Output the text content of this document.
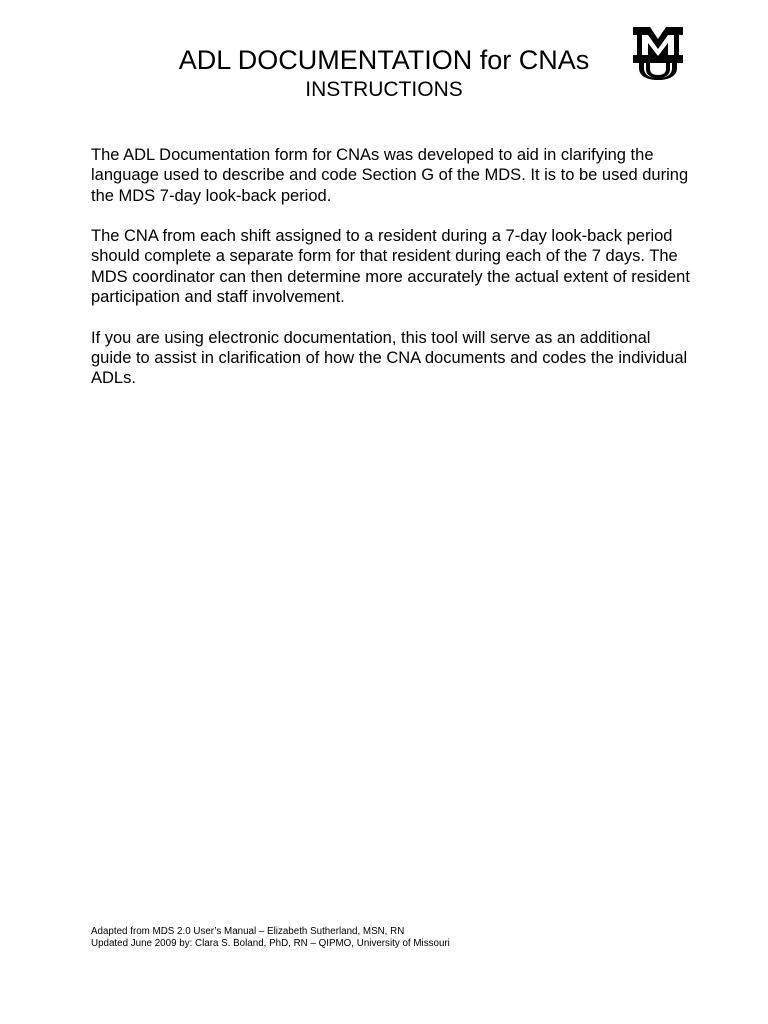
ADL DOCUMENTATION for CNAs
INSTRUCTIONS

The ADL Documentation form for CNAs was developed to aid in clarifying the language used to describe and code Section G of the MDS. It is to be used during the MDS 7-day look-back period.

The CNA from each shift assigned to a resident during a 7-day look-back period should complete a separate form for that resident during each of the 7 days. The MDS coordinator can then determine more accurately the actual extent of resident participation and staff involvement.

If you are using electronic documentation, this tool will serve as an additional guide to assist in clarification of how the CNA documents and codes the individual ADLs.

Adapted from MDS 2.0 User’s Manual – Elizabeth Sutherland, MSN, RN
Updated June 2009 by: Clara S. Boland, PhD, RN – QIPMO, University of Missouri
